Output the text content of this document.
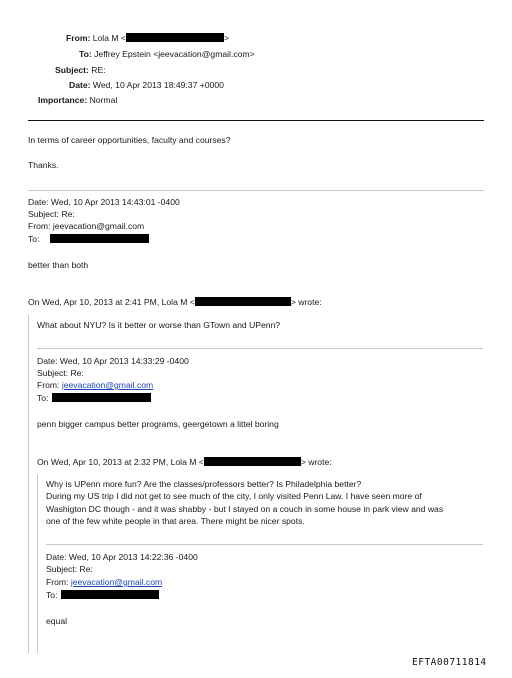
From: Lola M <	>
To: Jeffrey Epstein <jeevacation@gmail.com>
Subject: RE:
Date: Wed, 10 Apr 2013 18:49:37 +0000
Importance: Normal
In terms of career opportunities, faculty and courses?
Thanks.
Date: Wed, 10 Apr 2013 14:43:01 -0400
Subject: Re:
From: jeevacation@gmail.com
To:
better than both
On Wed, Apr 10, 2013 at 2:41 PM, Lola M <	> wrote:
What about NYU? Is it better or worse than GTown and UPenn?
Date: Wed, 10 Apr 2013 14:33:29 -0400
Subject: Re:
From: jeevacation@gmail.com
To:
penn bigger campus better programs, geergetown a littel boring
On Wed, Apr 10, 2013 at 2:32 PM, Lola M <	> wrote:
Why is UPenn more fun? Are the classes/professors better? Is Philadelphia better?
During my US trip I did not get to see much of the city, I only visited Penn Law. I have seen more of
Washigton DC though - and it was shabby - but I stayed on a couch in some house in park view and was
one of the few white people in that area. There might be nicer spots.
Date: Wed, 10 Apr 2013 14:22:36 -0400
Subject: Re:
From: jeevacation@gmail.com
To:
equal
EFTA00711814
